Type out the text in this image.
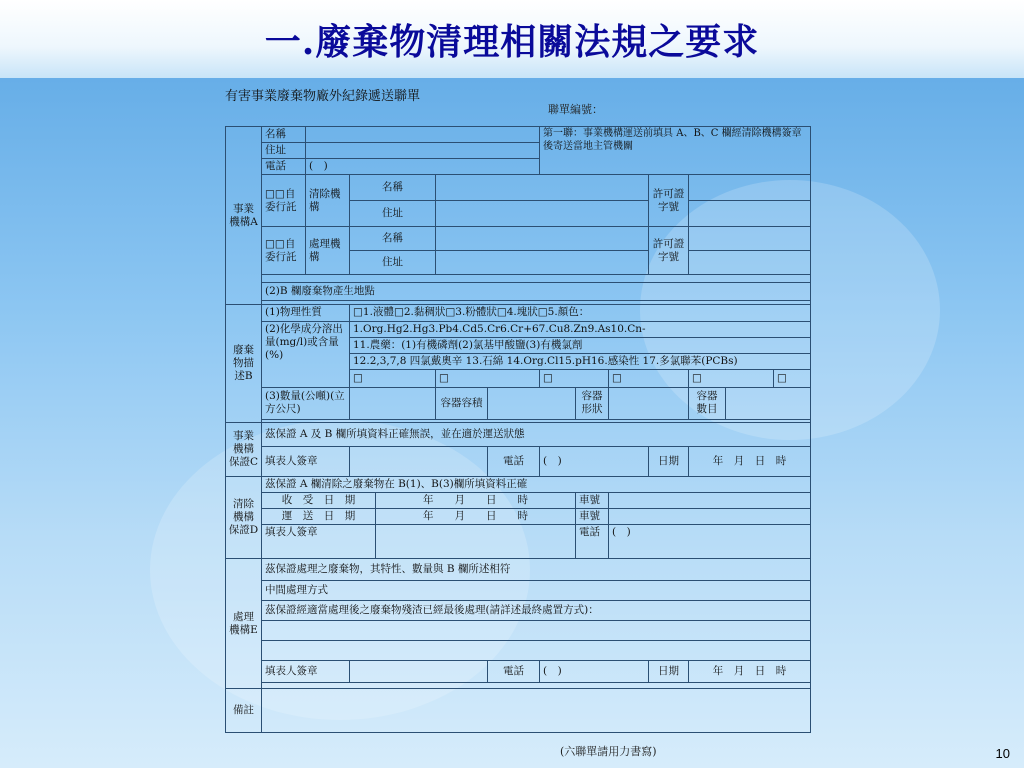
一.廢棄物清理相關法規之要求
有害事業廢棄物廠外紀錄遞送聯單
聯單編號：
事業機構A	名稱						第一聯：事業機構運送前填具 A、B、C 欄經清除機構簽章後寄送當地主管機關						
	住址												
	電話	(　)											
	□□自委行託	清除機構	名稱							許可證字號			
			住址										
	□□自委行託	處理機構	名稱							許可證字號			
			住址										

	(2)B 欄廢棄物產生地點												

廢棄物描述B	(1)物理性質		□1.液體□2.黏稠狀□3.粉體狀□4.塊狀□5.顏色：										
	(2)化學成分溶出量(mg/l)或含量(%)		1.Org.Hg2.Hg3.Pb4.Cd5.Cr6.Cr+67.Cu8.Zn9.As10.Cn-										
			11.農藥：(1)有機磷劑(2)氯基甲酸鹽(3)有機氯劑										
			12.2,3,7,8 四氯戴奧辛 13.石綿 14.Org.Cl15.pH16.感染性 17.多氯聯苯(PCBs)										
			□		□		□		□		□		□
	(3)數量(公噸)(立方公尺)				容器容積			容器形狀			容器數目		

事業機構保證C	茲保證 A 及 B 欄所填資料正確無誤，並在適於運送狀態												
	填表人簽章					電話	(　)			日期	年　月　日　時		
清除機構保證D	茲保證 A 欄清除之廢棄物在 B(1)、B(3)欄所填資料正確												
	收　受　日　期			年　　月　　日　　時				車號					
	運　送　日　期			年　　月　　日　　時				車號					
	填表人簽章							電話	(　)				
處理機構E	茲保證處理之廢棄物，其特性、數量與 B 欄所述相符												
	中間處理方式												
	茲保證經適當處理後之廢棄物殘渣已經最後處理(請詳述最終處置方式)：												

	填表人簽章					電話	(　)			日期	年　月　日　時		

備註													
(六聯單請用力書寫)	10
